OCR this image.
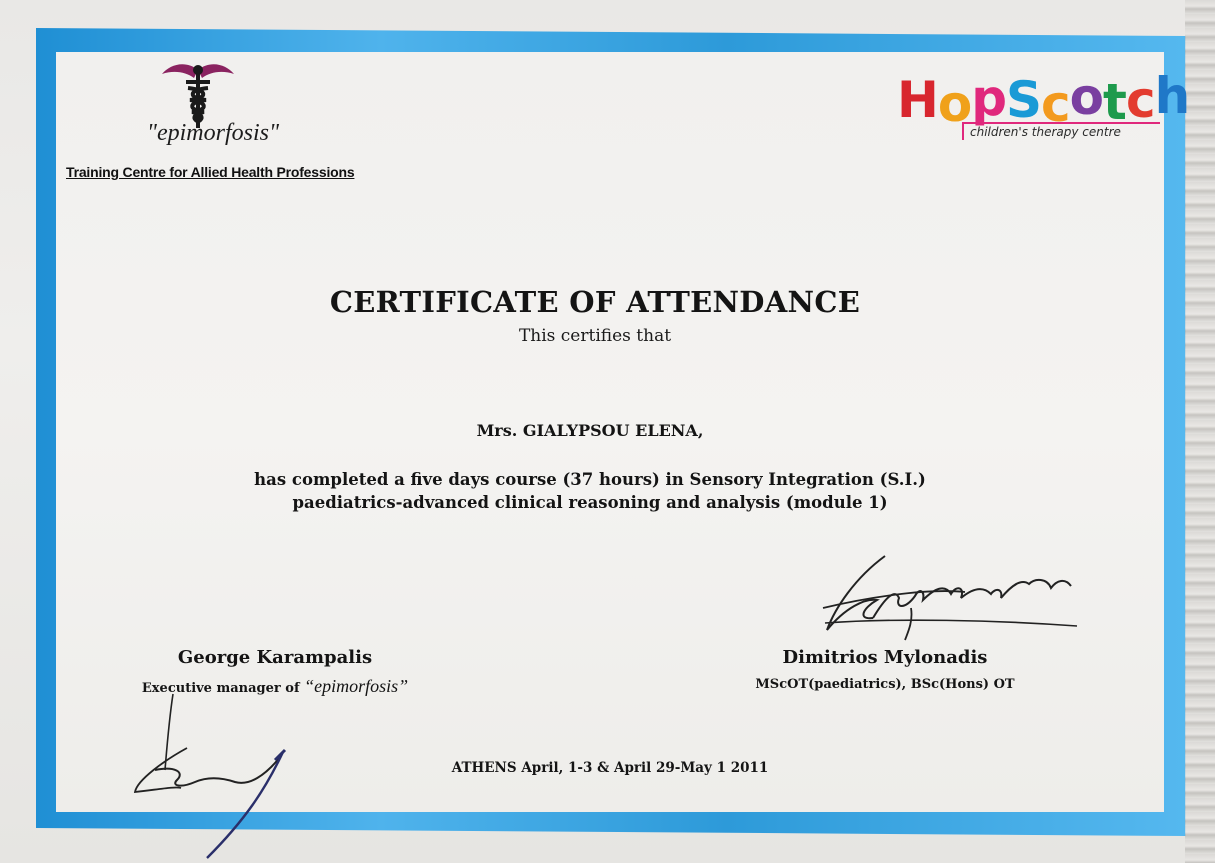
"epimorfosis"
Training Centre for Allied Health Professions
HopScotch
children's therapy centre
CERTIFICATE OF ATTENDANCE
This certifies that
Mrs. GIALYPSOU ELENA,
has completed a five days course (37 hours) in Sensory Integration (S.I.)
paediatrics-advanced clinical reasoning and analysis (module 1)
George Karampalis
Executive manager of “epimorfosis”
Dimitrios Mylonadis
MScOT(paediatrics), BSc(Hons) OT
ATHENS April, 1-3 & April 29-May 1 2011
